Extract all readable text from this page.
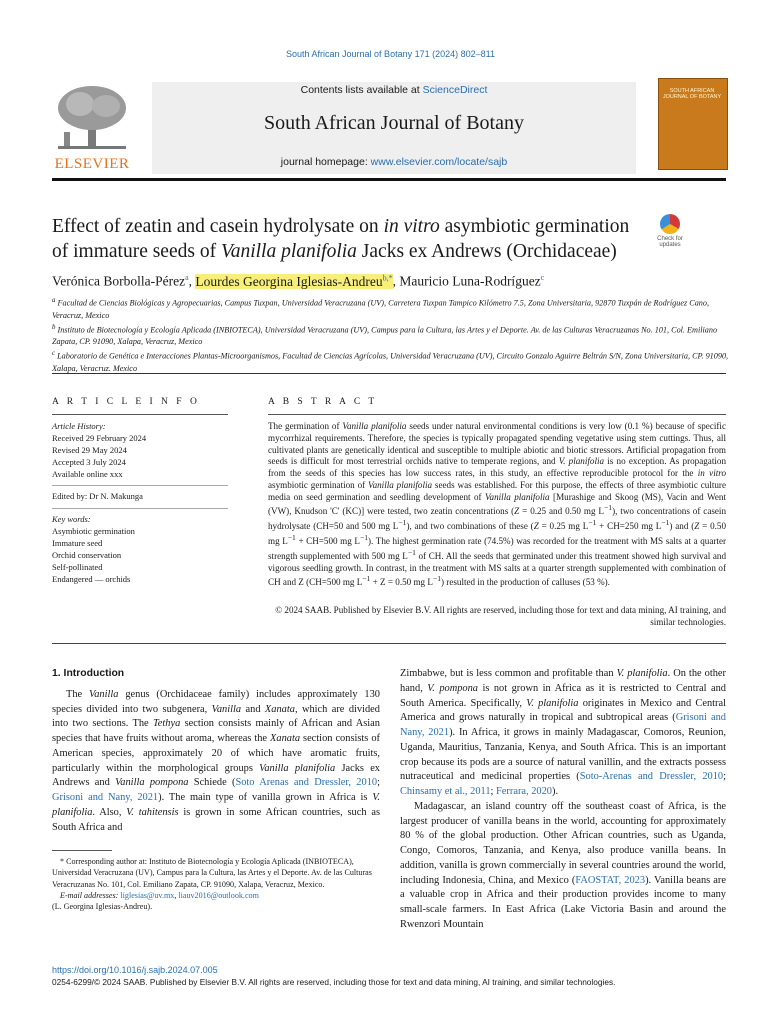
South African Journal of Botany 171 (2024) 802–811
ELSEVIER
Contents lists available at ScienceDirect
South African Journal of Botany
journal homepage: www.elsevier.com/locate/sajb
SOUTH AFRICAN JOURNAL OF BOTANY
Effect of zeatin and casein hydrolysate on in vitro asymbiotic germination of immature seeds of Vanilla planifolia Jacks ex Andrews (Orchidaceae)
Check for updates
Verónica Borbolla-Pérez$^a$, Lourdes Georgina Iglesias-Andreu$^{b,*}$, Mauricio Luna-Rodríguez$^c$

$^a$ Facultad de Ciencias Biológicas y Agropecuarias, Campus Tuxpan, Universidad Veracruzana (UV), Carretera Tuxpan Tampico Kilómetro 7.5, Zona Universitaria, 92870 Tuxpán de Rodríguez Cano, Veracruz, Mexico

$^b$ Instituto de Biotecnología y Ecología Aplicada (INBIOTECA), Universidad Veracruzana (UV), Campus para la Cultura, las Artes y el Deporte. Av. de las Culturas Veracruzanas No. 101, Col. Emiliano Zapata, CP. 91090, Xalapa, Veracruz, Mexico

$^c$ Laboratorio de Genética e Interacciones Plantas-Microorganismos, Facultad de Ciencias Agrícolas, Universidad Veracruzana (UV), Circuito Gonzalo Aguirre Beltrán S/N, Zona Universitaria, CP. 91090, Xalapa, Veracruz. Mexico

A R T I C L E I N F O	A B S T R A C T
Article History:
Received 29 February 2024
Revised 29 May 2024
Accepted 3 July 2024
Available online xxx
Edited by: Dr N. Makunga
Key words:
Asymbiotic germination
Immature seed
Orchid conservation
Self-pollinated
Endangered — orchids
The germination of Vanilla planifolia seeds under natural environmental conditions is very low (0.1 %) because of specific mycorrhizal requirements. Therefore, the species is typically propagated spending vegetative using stem cuttings. Thus, all cultivated plants are genetically identical and susceptible to multiple abiotic and biotic stressors. Artificial propagation from seeds is difficult for most terrestrial orchids native to temperate regions, and V. planifolia is no exception. As propagation from the seeds of this species has low success rates, in this study, an effective reproducible protocol for the in vitro asymbiotic germination of Vanilla planifolia seeds was established. For this purpose, the effects of three asymbiotic culture media on seed germination and seedling development of Vanilla planifolia [Murashige and Skoog (MS), Vacin and Went (VW), Knudson 'C' (KC)] were tested, two zeatin concentrations (Z = 0.25 and 0.50 mg $L^{-1}$), two concentrations of casein hydrolysate (CH=50 and 500 mg $L^{-1}$), and two combinations of these (Z = 0.25 mg $L^{-1} + CH=250$ mg $L^{-1}$) and (Z = 0.50 mg $L^{-1} + CH=500$ mg $L^{-1}$). The highest germination rate (74.5%) was recorded for the treatment with MS salts at a quarter strength supplemented with 500 mg $L^{-1}$ of CH. All the seeds that germinated under this treatment showed high survival and vigorous seedling growth. In contrast, in the treatment with MS salts at a quarter strength supplemented with combination of CH and Z (CH=500 mg $L^{-1} + Z = 0.50$ mg $L^{-1}$) resulted in the production of calluses (53 %).
© 2024 SAAB. Published by Elsevier B.V. All rights are reserved, including those for text and data mining, AI training, and similar technologies.
1. Introduction

The Vanilla genus (Orchidaceae family) includes approximately 130 species divided into two subgenera, Vanilla and Xanata, which are divided into two sections. The Tethya section consists mainly of African and Asian species that have fruits without aroma, whereas the Xanata section consists of American species, approximately 20 of which have aromatic fruits, particularly within the morphological groups Vanilla planifolia Jacks ex Andrews and Vanilla pompona Schiede (Soto Arenas and Dressler, 2010; Grisoni and Nany, 2021). The main type of vanilla grown in Africa is V. planifolia. Also, V. tahitensis is grown in some African countries, such as South Africa and

* Corresponding author at: Instituto de Biotecnología y Ecología Aplicada (INBIOTECA), Universidad Veracruzana (UV), Campus para la Cultura, las Artes y el Deporte. Av. de las Culturas Veracruzanas No. 101, Col. Emiliano Zapata, CP. 91090, Xalapa, Veracruz, Mexico.
E-mail addresses: liglesias@uv.mx, liauv2016@outlook.com
(L. Georgina Iglesias-Andreu).

Zimbabwe, but is less common and profitable than V. planifolia. On the other hand, V. pompona is not grown in Africa as it is restricted to Central and South America. Specifically, V. planifolia originates in Mexico and Central America and grows naturally in tropical and subtropical areas (Grisoni and Nany, 2021). In Africa, it grows in mainly Madagascar, Comoros, Reunion, Uganda, Mauritius, Tanzania, Kenya, and South Africa. This is an important crop because its pods are a source of natural vanillin, and the extracts possess nutraceutical and medicinal properties (Soto-Arenas and Dressler, 2010; Chinsamy et al., 2011; Ferrara, 2020).

Madagascar, an island country off the southeast coast of Africa, is the largest producer of vanilla beans in the world, accounting for approximately 80 % of the global production. Other African countries, such as Uganda, Congo, Comoros, Tanzania, and Kenya, also produce vanilla beans. In addition, vanilla is grown commercially in several countries around the world, including Indonesia, China, and Mexico (FAOSTAT, 2023). Vanilla beans are a valuable crop in Africa and their production provides income to many small-scale farmers. In East Africa (Lake Victoria Basin and around the Rwenzori Mountain

https://doi.org/10.1016/j.sajb.2024.07.005
0254-6299/© 2024 SAAB. Published by Elsevier B.V. All rights are reserved, including those for text and data mining, AI training, and similar technologies.
